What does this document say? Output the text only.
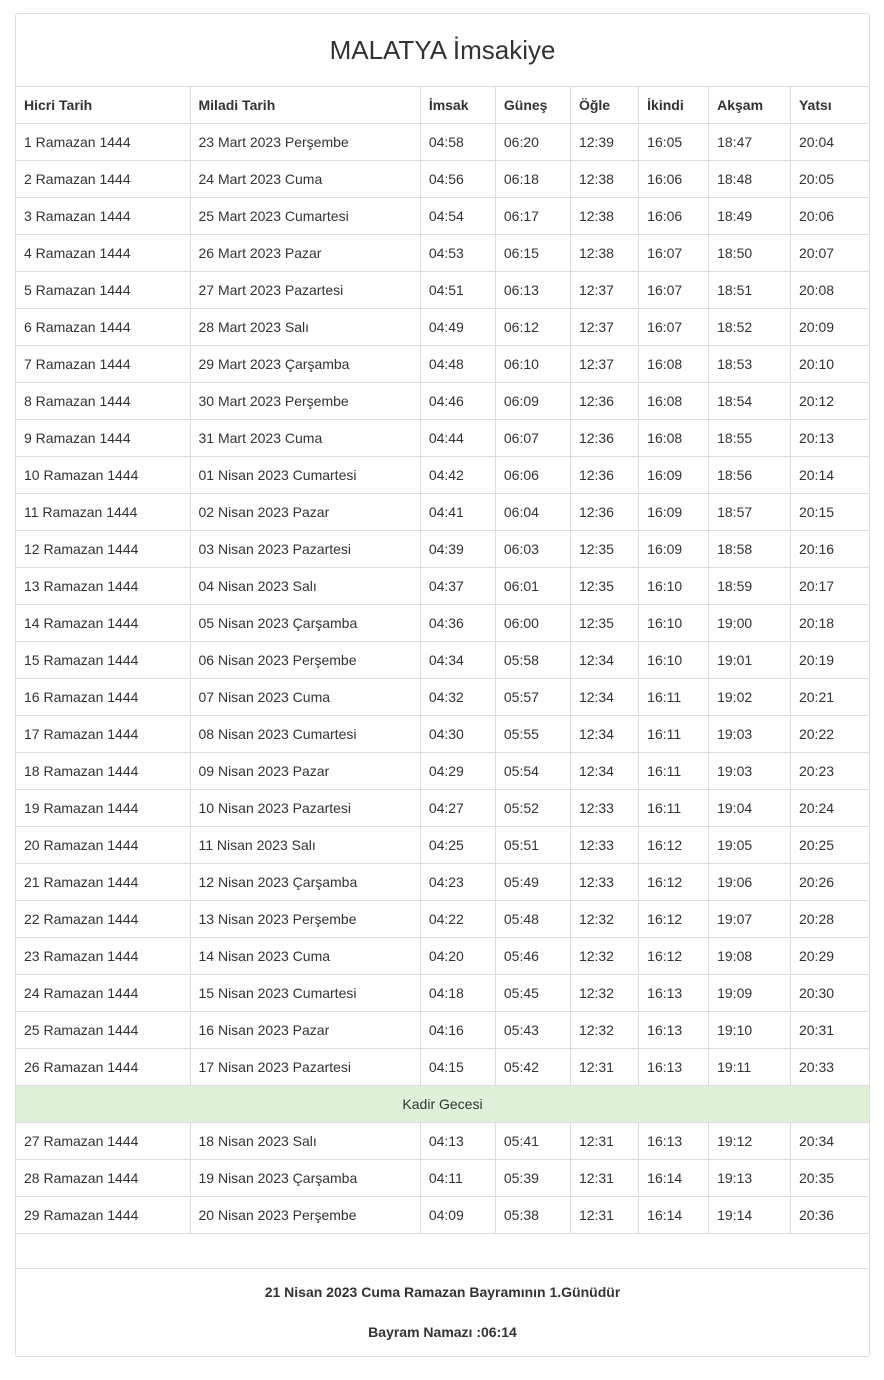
MALATYA İmsakiye
Hicri Tarih	Miladi Tarih	İmsak	Güneş	Öğle	İkindi	Akşam	Yatsı
1 Ramazan 1444	23 Mart 2023 Perşembe	04:58	06:20	12:39	16:05	18:47	20:04
2 Ramazan 1444	24 Mart 2023 Cuma	04:56	06:18	12:38	16:06	18:48	20:05
3 Ramazan 1444	25 Mart 2023 Cumartesi	04:54	06:17	12:38	16:06	18:49	20:06
4 Ramazan 1444	26 Mart 2023 Pazar	04:53	06:15	12:38	16:07	18:50	20:07
5 Ramazan 1444	27 Mart 2023 Pazartesi	04:51	06:13	12:37	16:07	18:51	20:08
6 Ramazan 1444	28 Mart 2023 Salı	04:49	06:12	12:37	16:07	18:52	20:09
7 Ramazan 1444	29 Mart 2023 Çarşamba	04:48	06:10	12:37	16:08	18:53	20:10
8 Ramazan 1444	30 Mart 2023 Perşembe	04:46	06:09	12:36	16:08	18:54	20:12
9 Ramazan 1444	31 Mart 2023 Cuma	04:44	06:07	12:36	16:08	18:55	20:13
10 Ramazan 1444	01 Nisan 2023 Cumartesi	04:42	06:06	12:36	16:09	18:56	20:14
11 Ramazan 1444	02 Nisan 2023 Pazar	04:41	06:04	12:36	16:09	18:57	20:15
12 Ramazan 1444	03 Nisan 2023 Pazartesi	04:39	06:03	12:35	16:09	18:58	20:16
13 Ramazan 1444	04 Nisan 2023 Salı	04:37	06:01	12:35	16:10	18:59	20:17
14 Ramazan 1444	05 Nisan 2023 Çarşamba	04:36	06:00	12:35	16:10	19:00	20:18
15 Ramazan 1444	06 Nisan 2023 Perşembe	04:34	05:58	12:34	16:10	19:01	20:19
16 Ramazan 1444	07 Nisan 2023 Cuma	04:32	05:57	12:34	16:11	19:02	20:21
17 Ramazan 1444	08 Nisan 2023 Cumartesi	04:30	05:55	12:34	16:11	19:03	20:22
18 Ramazan 1444	09 Nisan 2023 Pazar	04:29	05:54	12:34	16:11	19:03	20:23
19 Ramazan 1444	10 Nisan 2023 Pazartesi	04:27	05:52	12:33	16:11	19:04	20:24
20 Ramazan 1444	11 Nisan 2023 Salı	04:25	05:51	12:33	16:12	19:05	20:25
21 Ramazan 1444	12 Nisan 2023 Çarşamba	04:23	05:49	12:33	16:12	19:06	20:26
22 Ramazan 1444	13 Nisan 2023 Perşembe	04:22	05:48	12:32	16:12	19:07	20:28
23 Ramazan 1444	14 Nisan 2023 Cuma	04:20	05:46	12:32	16:12	19:08	20:29
24 Ramazan 1444	15 Nisan 2023 Cumartesi	04:18	05:45	12:32	16:13	19:09	20:30
25 Ramazan 1444	16 Nisan 2023 Pazar	04:16	05:43	12:32	16:13	19:10	20:31
26 Ramazan 1444	17 Nisan 2023 Pazartesi	04:15	05:42	12:31	16:13	19:11	20:33
Kadir Gecesi							
27 Ramazan 1444	18 Nisan 2023 Salı	04:13	05:41	12:31	16:13	19:12	20:34
28 Ramazan 1444	19 Nisan 2023 Çarşamba	04:11	05:39	12:31	16:14	19:13	20:35
29 Ramazan 1444	20 Nisan 2023 Perşembe	04:09	05:38	12:31	16:14	19:14	20:36

21 Nisan 2023 Cuma Ramazan Bayramının 1.Günüdür

Bayram Namazı :06:14
